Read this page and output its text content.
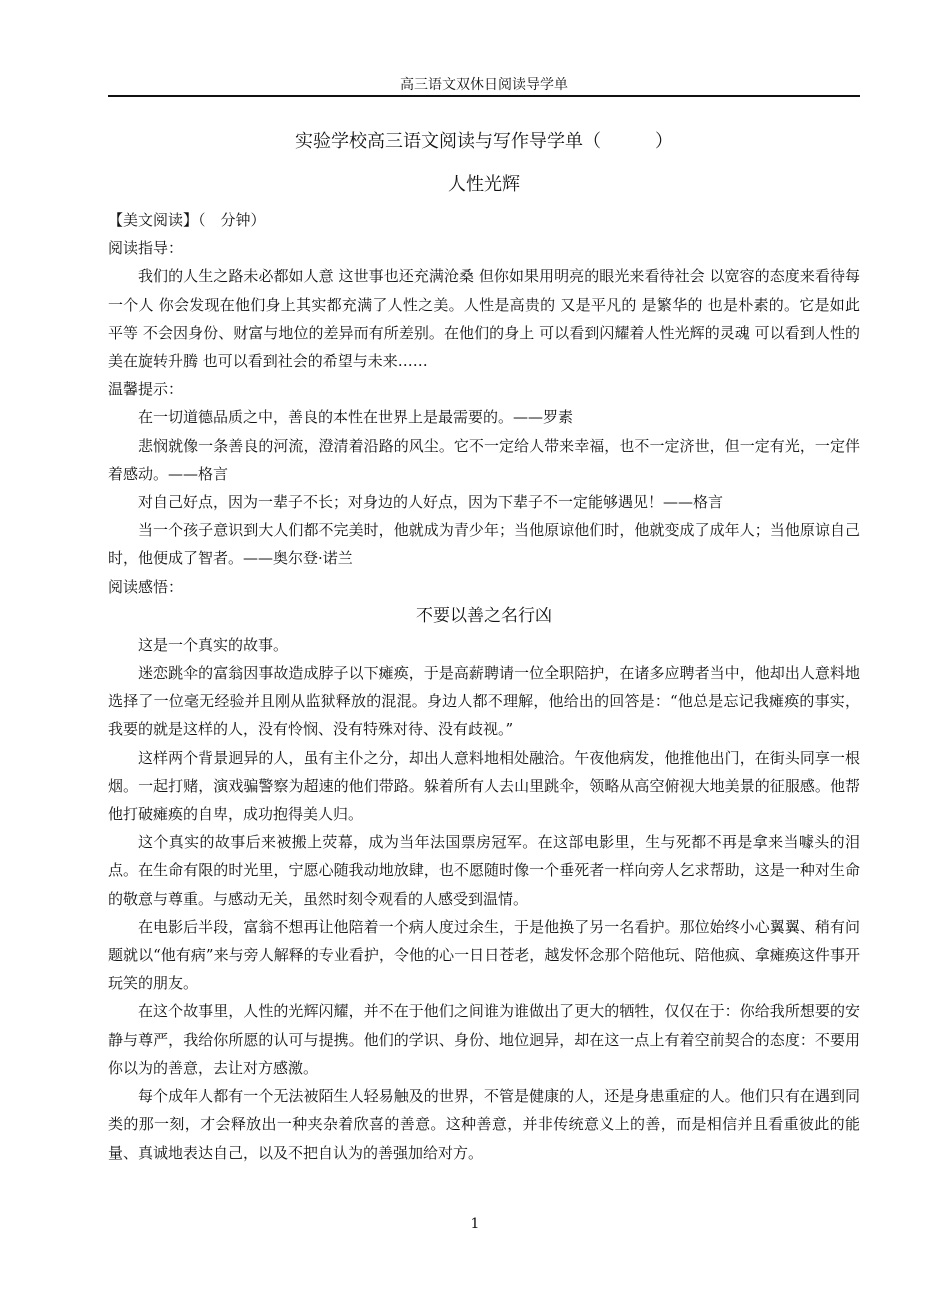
高三语文双休日阅读导学单
实验学校高三语文阅读与写作导学单（　　　）
人性光辉

【美文阅读】（　分钟）

阅读指导：

我们的人生之路未必都如人意 这世事也还充满沧桑 但你如果用明亮的眼光来看待社会 以宽容的态度来看待每一个人 你会发现在他们身上其实都充满了人性之美。人性是高贵的 又是平凡的 是繁华的 也是朴素的。它是如此平等 不会因身份、财富与地位的差异而有所差别。在他们的身上 可以看到闪耀着人性光辉的灵魂 可以看到人性的美在旋转升腾 也可以看到社会的希望与未来……

温馨提示：

在一切道德品质之中，善良的本性在世界上是最需要的。——罗素

悲悯就像一条善良的河流，澄清着沿路的风尘。它不一定给人带来幸福，也不一定济世，但一定有光，一定伴着感动。——格言

对自己好点，因为一辈子不长；对身边的人好点，因为下辈子不一定能够遇见！——格言

当一个孩子意识到大人们都不完美时，他就成为青少年；当他原谅他们时，他就变成了成年人；当他原谅自己时，他便成了智者。——奥尔登·诺兰

阅读感悟：

不要以善之名行凶

这是一个真实的故事。

迷恋跳伞的富翁因事故造成脖子以下瘫痪，于是高薪聘请一位全职陪护，在诸多应聘者当中，他却出人意料地选择了一位毫无经验并且刚从监狱释放的混混。身边人都不理解，他给出的回答是：“他总是忘记我瘫痪的事实，我要的就是这样的人，没有怜悯、没有特殊对待、没有歧视。”

这样两个背景迥异的人，虽有主仆之分，却出人意料地相处融洽。午夜他病发，他推他出门，在街头同享一根烟。一起打赌，演戏骗警察为超速的他们带路。躲着所有人去山里跳伞，领略从高空俯视大地美景的征服感。他帮他打破瘫痪的自卑，成功抱得美人归。

这个真实的故事后来被搬上荧幕，成为当年法国票房冠军。在这部电影里，生与死都不再是拿来当噱头的泪点。在生命有限的时光里，宁愿心随我动地放肆，也不愿随时像一个垂死者一样向旁人乞求帮助，这是一种对生命的敬意与尊重。与感动无关，虽然时刻令观看的人感受到温情。

在电影后半段，富翁不想再让他陪着一个病人度过余生，于是他换了另一名看护。那位始终小心翼翼、稍有问题就以“他有病”来与旁人解释的专业看护，令他的心一日日苍老，越发怀念那个陪他玩、陪他疯、拿瘫痪这件事开玩笑的朋友。

在这个故事里，人性的光辉闪耀，并不在于他们之间谁为谁做出了更大的牺牲，仅仅在于：你给我所想要的安静与尊严，我给你所愿的认可与提携。他们的学识、身份、地位迥异，却在这一点上有着空前契合的态度：不要用你以为的善意，去让对方感激。

每个成年人都有一个无法被陌生人轻易触及的世界，不管是健康的人，还是身患重症的人。他们只有在遇到同类的那一刻，才会释放出一种夹杂着欣喜的善意。这种善意，并非传统意义上的善，而是相信并且看重彼此的能量、真诚地表达自己，以及不把自认为的善强加给对方。

1
